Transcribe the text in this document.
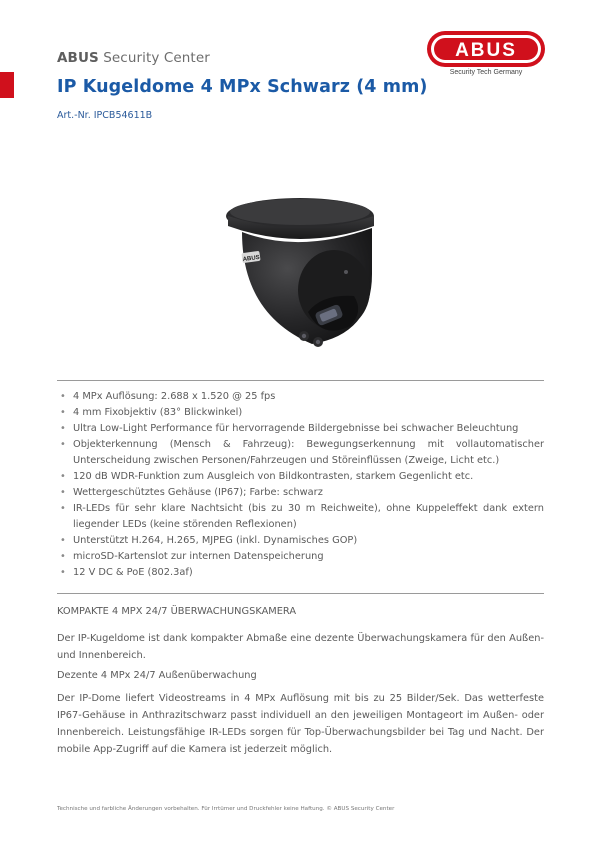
ABUS Security Center
IP Kugeldome 4 MPx Schwarz (4 mm)
Art.-Nr. IPCB54611B
ABUS
Security Tech Germany
ABUS
• 4 MPx Auflösung: 2.688 x 1.520 @ 25 fps
• 4 mm Fixobjektiv (83° Blickwinkel)
• Ultra Low-Light Performance für hervorragende Bildergebnisse bei schwacher Beleuchtung
• Objekterkennung (Mensch & Fahrzeug): Bewegungserkennung mit vollautomatischer Unterscheidung zwischen Personen/Fahrzeugen und Störeinflüssen (Zweige, Licht etc.)
• 120 dB WDR-Funktion zum Ausgleich von Bildkontrasten, starkem Gegenlicht etc.
• Wettergeschütztes Gehäuse (IP67); Farbe: schwarz
• IR-LEDs für sehr klare Nachtsicht (bis zu 30 m Reichweite), ohne Kuppeleffekt dank extern liegender LEDs (keine störenden Reflexionen)
• Unterstützt H.264, H.265, MJPEG (inkl. Dynamisches GOP)
• microSD-Kartenslot zur internen Datenspeicherung
• 12 V DC & PoE (802.3af)
KOMPAKTE 4 MPX 24/7 ÜBERWACHUNGSKAMERA
Der IP-Kugeldome ist dank kompakter Abmaße eine dezente Überwachungskamera für den Außen- und Innenbereich.
Dezente 4 MPx 24/7 Außenüberwachung
Der IP-Dome liefert Videostreams in 4 MPx Auflösung mit bis zu 25 Bilder/Sek. Das wetterfeste IP67-Gehäuse in Anthrazitschwarz passt individuell an den jeweiligen Montageort im Außen- oder Innenbereich. Leistungsfähige IR-LEDs sorgen für Top-Überwachungsbilder bei Tag und Nacht. Der mobile App-Zugriff auf die Kamera ist jederzeit möglich.
Technische und farbliche Änderungen vorbehalten. Für Irrtümer und Druckfehler keine Haftung. © ABUS Security Center
